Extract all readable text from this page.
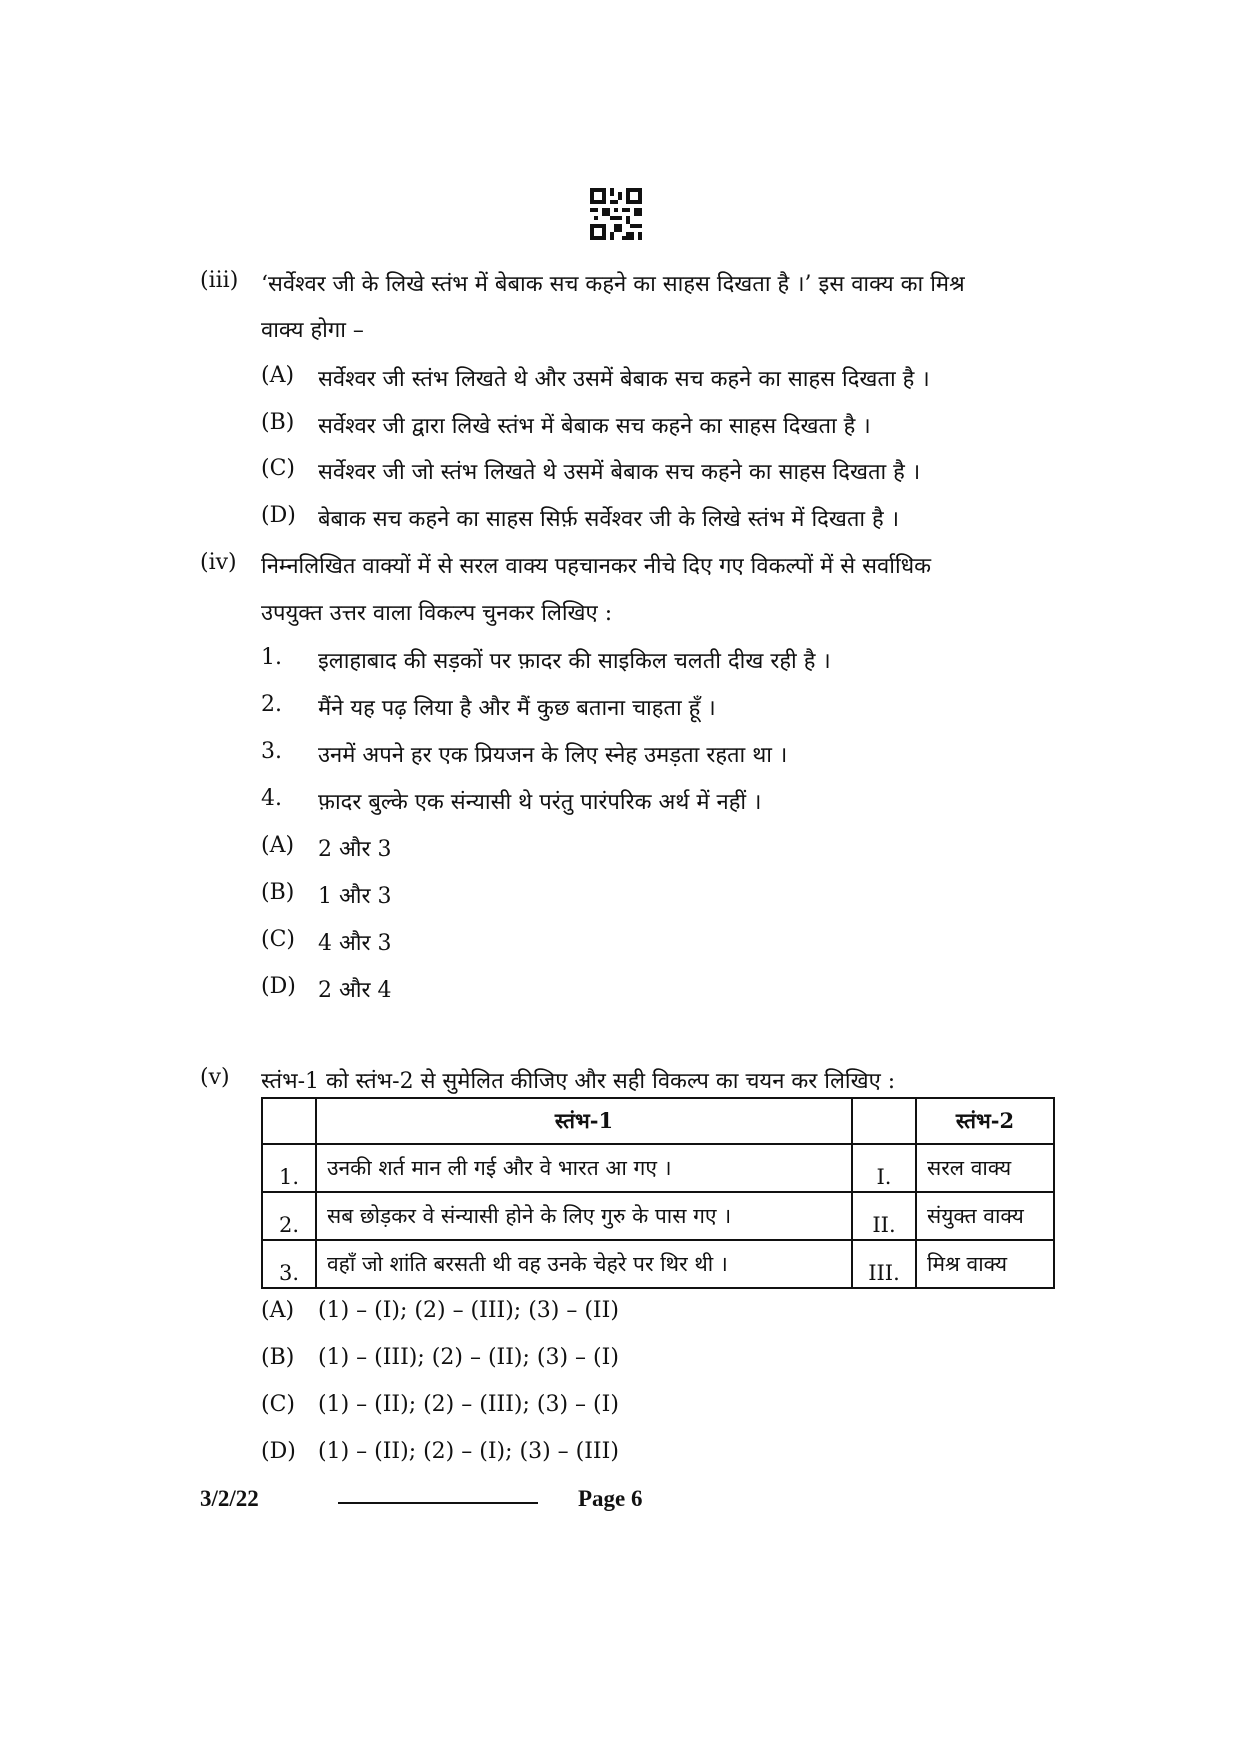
(iii) ‘सर्वेश्वर जी के लिखे स्तंभ में बेबाक सच कहने का साहस दिखता है ।’ इस वाक्य का मिश्र
वाक्य होगा –
(A) सर्वेश्वर जी स्तंभ लिखते थे और उसमें बेबाक सच कहने का साहस दिखता है ।
(B) सर्वेश्वर जी द्वारा लिखे स्तंभ में बेबाक सच कहने का साहस दिखता है ।
(C) सर्वेश्वर जी जो स्तंभ लिखते थे उसमें बेबाक सच कहने का साहस दिखता है ।
(D) बेबाक सच कहने का साहस सिर्फ़ सर्वेश्वर जी के लिखे स्तंभ में दिखता है ।
(iv) निम्नलिखित वाक्यों में से सरल वाक्य पहचानकर नीचे दिए गए विकल्पों में से सर्वाधिक
उपयुक्त उत्तर वाला विकल्प चुनकर लिखिए :
1. इलाहाबाद की सड़कों पर फ़ादर की साइकिल चलती दीख रही है ।
2. मैंने यह पढ़ लिया है और मैं कुछ बताना चाहता हूँ ।
3. उनमें अपने हर एक प्रियजन के लिए स्नेह उमड़ता रहता था ।
4. फ़ादर बुल्के एक संन्यासी थे परंतु पारंपरिक अर्थ में नहीं ।
(A) 2 और 3
(B) 1 और 3
(C) 4 और 3
(D) 2 और 4
(v) स्तंभ-1 को स्तंभ-2 से सुमेलित कीजिए और सही विकल्प का चयन कर लिखिए :
	स्तंभ-1		स्तंभ-2
1.	उनकी शर्त मान ली गई और वे भारत आ गए ।	I.	सरल वाक्य
2.	सब छोड़कर वे संन्यासी होने के लिए गुरु के पास गए ।	II.	संयुक्त वाक्य
3.	वहाँ जो शांति बरसती थी वह उनके चेहरे पर थिर थी ।	III.	मिश्र वाक्य
(A) (1) – (I); (2) – (III); (3) – (II)
(B) (1) – (III); (2) – (II); (3) – (I)
(C) (1) – (II); (2) – (III); (3) – (I)
(D) (1) – (II); (2) – (I); (3) – (III)
3/2/22	Page 6
